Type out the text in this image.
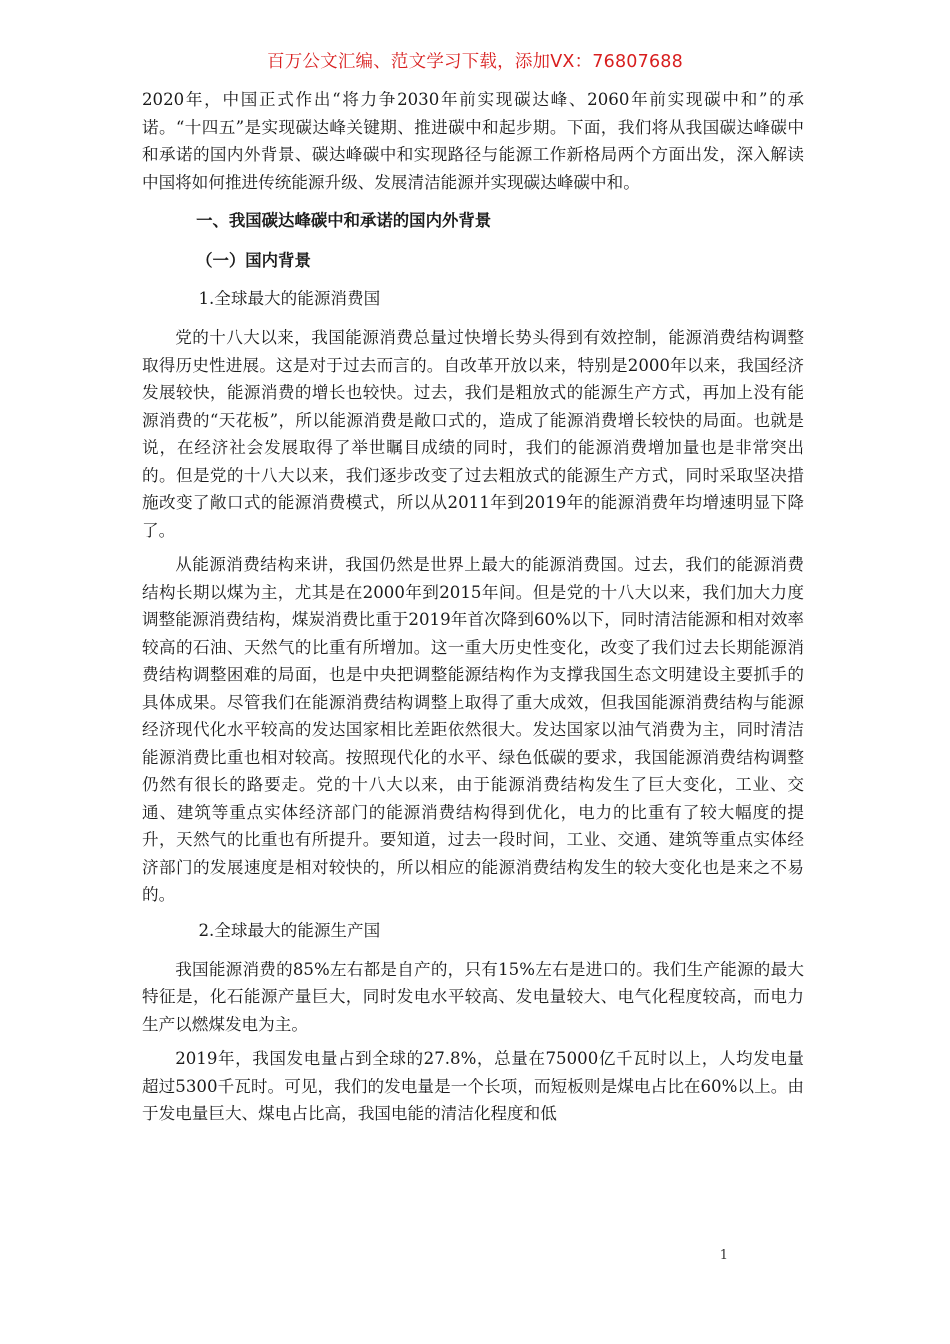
百万公文汇编、范文学习下载，添加VX：76807688

2020年，中国正式作出“将力争2030年前实现碳达峰、2060年前实现碳中和”的承诺。“十四五”是实现碳达峰关键期、推进碳中和起步期。下面，我们将从我国碳达峰碳中和承诺的国内外背景、碳达峰碳中和实现路径与能源工作新格局两个方面出发，深入解读中国将如何推进传统能源升级、发展清洁能源并实现碳达峰碳中和。

一、我国碳达峰碳中和承诺的国内外背景
（一）国内背景
1.全球最大的能源消费国

党的十八大以来，我国能源消费总量过快增长势头得到有效控制，能源消费结构调整取得历史性进展。这是对于过去而言的。自改革开放以来，特别是2000年以来，我国经济发展较快，能源消费的增长也较快。过去，我们是粗放式的能源生产方式，再加上没有能源消费的“天花板”，所以能源消费是敞口式的，造成了能源消费增长较快的局面。也就是说，在经济社会发展取得了举世瞩目成绩的同时，我们的能源消费增加量也是非常突出的。但是党的十八大以来，我们逐步改变了过去粗放式的能源生产方式，同时采取坚决措施改变了敞口式的能源消费模式，所以从2011年到2019年的能源消费年均增速明显下降了。

从能源消费结构来讲，我国仍然是世界上最大的能源消费国。过去，我们的能源消费结构长期以煤为主，尤其是在2000年到2015年间。但是党的十八大以来，我们加大力度调整能源消费结构，煤炭消费比重于2019年首次降到60%以下，同时清洁能源和相对效率较高的石油、天然气的比重有所增加。这一重大历史性变化，改变了我们过去长期能源消费结构调整困难的局面，也是中央把调整能源结构作为支撑我国生态文明建设主要抓手的具体成果。尽管我们在能源消费结构调整上取得了重大成效，但我国能源消费结构与能源经济现代化水平较高的发达国家相比差距依然很大。发达国家以油气消费为主，同时清洁能源消费比重也相对较高。按照现代化的水平、绿色低碳的要求，我国能源消费结构调整仍然有很长的路要走。党的十八大以来，由于能源消费结构发生了巨大变化，工业、交通、建筑等重点实体经济部门的能源消费结构得到优化，电力的比重有了较大幅度的提升，天然气的比重也有所提升。要知道，过去一段时间，工业、交通、建筑等重点实体经济部门的发展速度是相对较快的，所以相应的能源消费结构发生的较大变化也是来之不易的。

2.全球最大的能源生产国

我国能源消费的85%左右都是自产的，只有15%左右是进口的。我们生产能源的最大特征是，化石能源产量巨大，同时发电水平较高、发电量较大、电气化程度较高，而电力生产以燃煤发电为主。

2019年，我国发电量占到全球的27.8%，总量在75000亿千瓦时以上，人均发电量超过5300千瓦时。可见，我们的发电量是一个长项，而短板则是煤电占比在60%以上。由于发电量巨大、煤电占比高，我国电能的清洁化程度和低

1
